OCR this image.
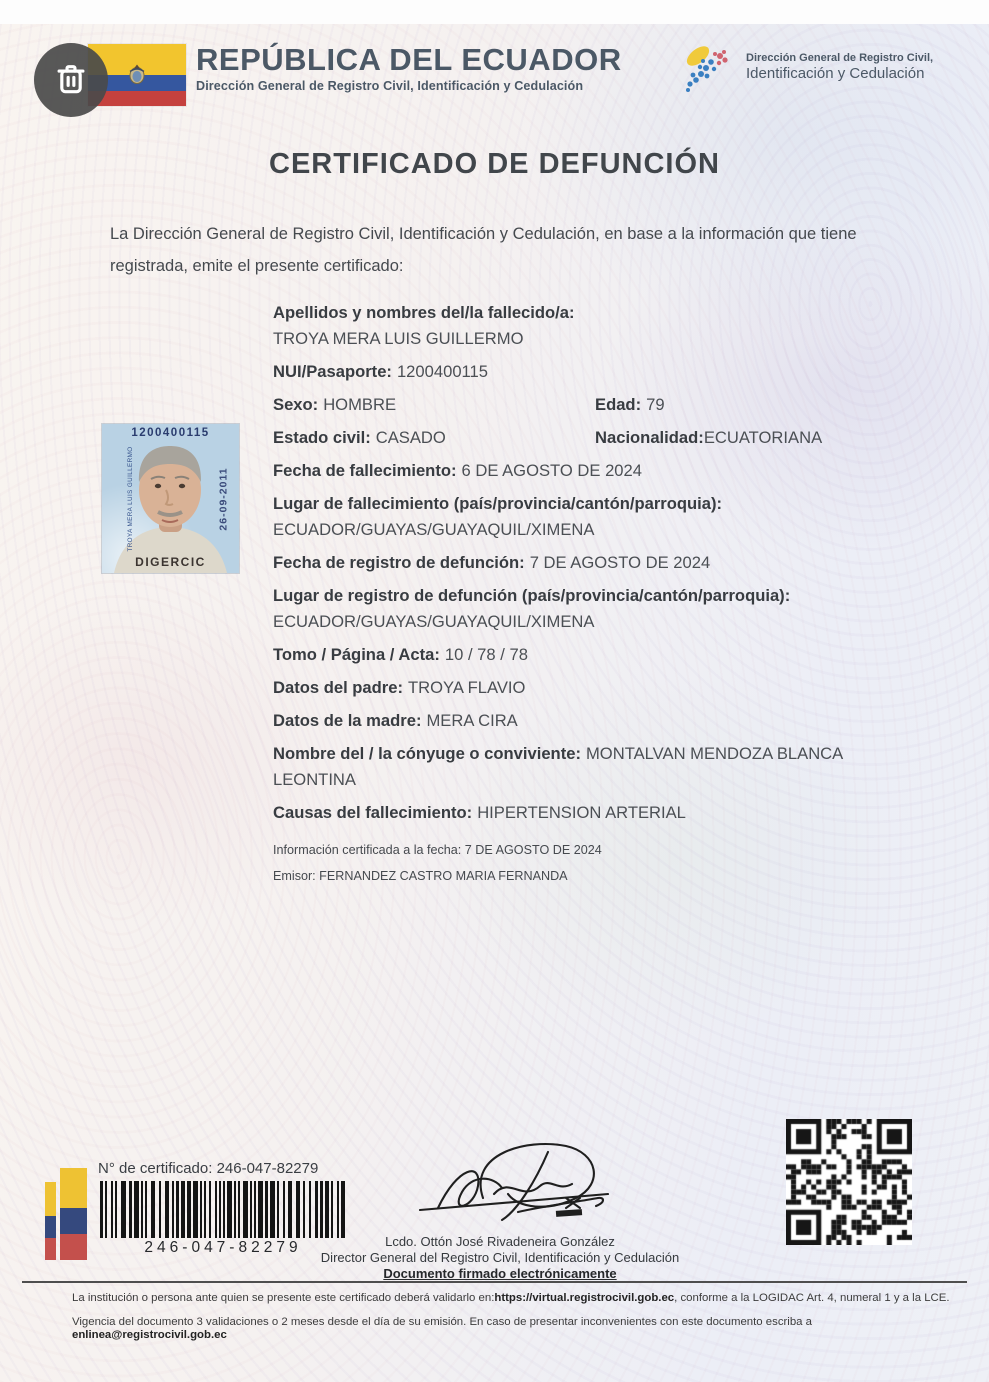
REPÚBLICA DEL ECUADOR
Dirección General de Registro Civil, Identificación y Cedulación
Dirección General de Registro Civil,
Identificación y Cedulación
CERTIFICADO DE DEFUNCIÓN

La Dirección General de Registro Civil, Identificación y Cedulación, en base a la información que tiene registrada, emite el presente certificado:

1200400115
26-09-2011
TROYA MERA LUIS GUILLERMO
DIGERCIC
Apellidos y nombres del/la fallecido/a:
TROYA MERA LUIS GUILLERMO
NUI/Pasaporte: 1200400115
Sexo: HOMBRE	Edad: 79
Estado civil: CASADO	Nacionalidad:ECUATORIANA
Fecha de fallecimiento: 6 DE AGOSTO DE 2024
Lugar de fallecimiento (país/provincia/cantón/parroquia):
ECUADOR/GUAYAS/GUAYAQUIL/XIMENA
Fecha de registro de defunción: 7 DE AGOSTO DE 2024
Lugar de registro de defunción (país/provincia/cantón/parroquia):
ECUADOR/GUAYAS/GUAYAQUIL/XIMENA
Tomo / Página / Acta: 10 / 78 / 78
Datos del padre: TROYA FLAVIO
Datos de la madre: MERA CIRA
Nombre del / la cónyuge o conviviente: MONTALVAN MENDOZA BLANCA LEONTINA
Causas del fallecimiento: HIPERTENSION ARTERIAL
Información certificada a la fecha: 7 DE AGOSTO DE 2024
Emisor: FERNANDEZ CASTRO MARIA FERNANDA
N° de certificado: 246-047-82279
246-047-82279	Lcdo. Ottón José Rivadeneira González
Director General del Registro Civil, Identificación y Cedulación
Documento firmado electrónicamente
La institución o persona ante quien se presente este certificado deberá validarlo en:https://virtual.registrocivil.gob.ec, conforme a la LOGIDAC Art. 4, numeral 1 y a la LCE.
Vigencia del documento 3 validaciones o 2 meses desde el día de su emisión. En caso de presentar inconvenientes con este documento escriba a enlinea@registrocivil.gob.ec
